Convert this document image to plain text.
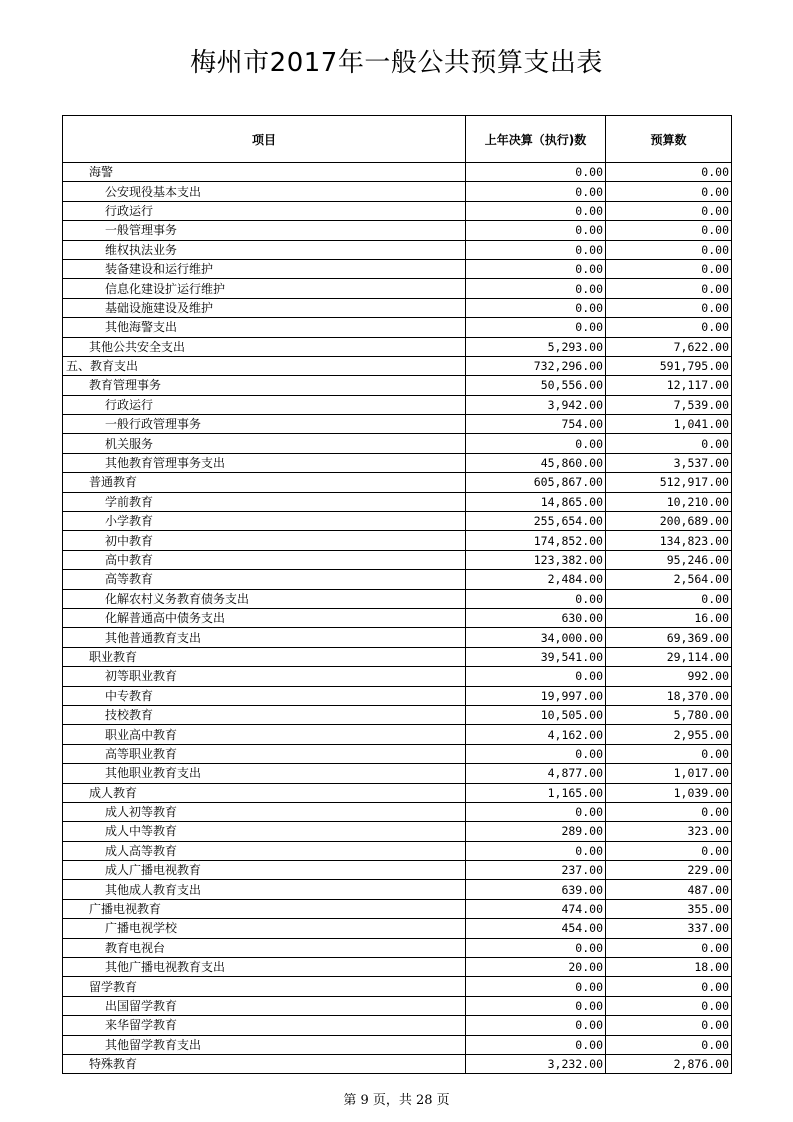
梅州市2017年一般公共预算支出表
项目	上年决算（执行)数	预算数
海警	0.00	0.00
公安现役基本支出	0.00	0.00
行政运行	0.00	0.00
一般管理事务	0.00	0.00
维权执法业务	0.00	0.00
装备建设和运行维护	0.00	0.00
信息化建设扩运行维护	0.00	0.00
基础设施建设及维护	0.00	0.00
其他海警支出	0.00	0.00
其他公共安全支出	5,293.00	7,622.00
五、教育支出	732,296.00	591,795.00
教育管理事务	50,556.00	12,117.00
行政运行	3,942.00	7,539.00
一般行政管理事务	754.00	1,041.00
机关服务	0.00	0.00
其他教育管理事务支出	45,860.00	3,537.00
普通教育	605,867.00	512,917.00
学前教育	14,865.00	10,210.00
小学教育	255,654.00	200,689.00
初中教育	174,852.00	134,823.00
高中教育	123,382.00	95,246.00
高等教育	2,484.00	2,564.00
化解农村义务教育债务支出	0.00	0.00
化解普通高中债务支出	630.00	16.00
其他普通教育支出	34,000.00	69,369.00
职业教育	39,541.00	29,114.00
初等职业教育	0.00	992.00
中专教育	19,997.00	18,370.00
技校教育	10,505.00	5,780.00
职业高中教育	4,162.00	2,955.00
高等职业教育	0.00	0.00
其他职业教育支出	4,877.00	1,017.00
成人教育	1,165.00	1,039.00
成人初等教育	0.00	0.00
成人中等教育	289.00	323.00
成人高等教育	0.00	0.00
成人广播电视教育	237.00	229.00
其他成人教育支出	639.00	487.00
广播电视教育	474.00	355.00
广播电视学校	454.00	337.00
教育电视台	0.00	0.00
其他广播电视教育支出	20.00	18.00
留学教育	0.00	0.00
出国留学教育	0.00	0.00
来华留学教育	0.00	0.00
其他留学教育支出	0.00	0.00
特殊教育	3,232.00	2,876.00
第 9 页，共 28 页
